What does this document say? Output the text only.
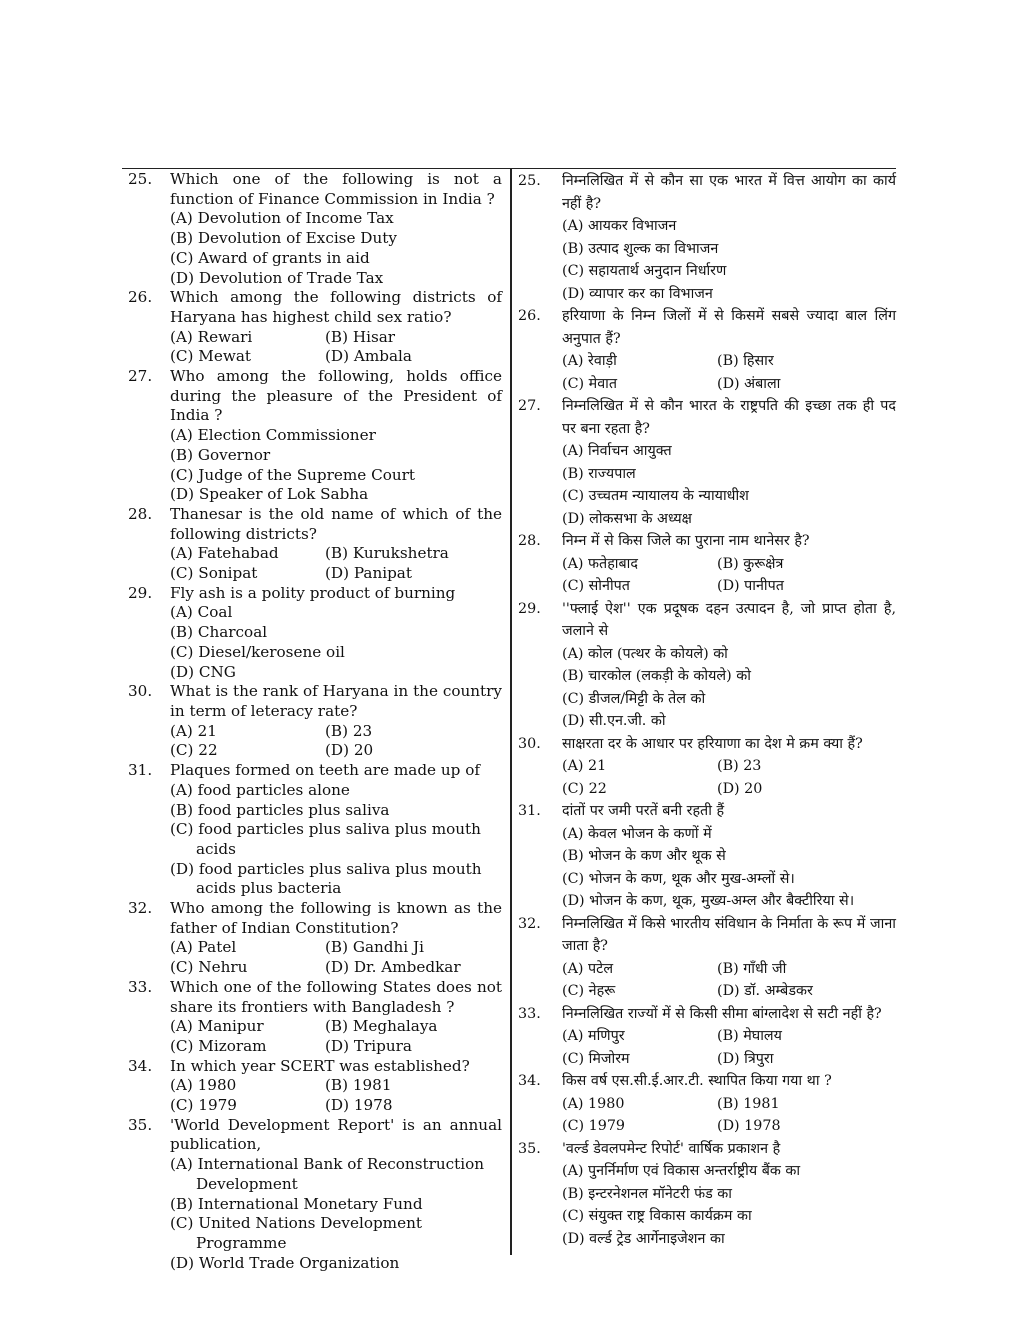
25.	Which one of the following is not a function of Finance Commission in India ?
(A) Devolution of Income Tax
(B) Devolution of Excise Duty
(C) Award of grants in aid
(D) Devolution of Trade Tax
26.	Which among the following districts of Haryana has highest child sex ratio?
(A) Rewari	(B) Hisar
(C) Mewat	(D) Ambala
27.	Who among the following, holds office during the pleasure of the President of India ?
(A) Election Commissioner
(B) Governor
(C) Judge of the Supreme Court
(D) Speaker of Lok Sabha
28.	Thanesar is the old name of which of the following districts?
(A) Fatehabad	(B) Kurukshetra
(C) Sonipat	(D) Panipat
29.	Fly ash is a polity product of burning
(A) Coal
(B) Charcoal
(C) Diesel/kerosene oil
(D) CNG
30.	What is the rank of Haryana in the country in term of leteracy rate?
(A) 21	(B) 23
(C) 22	(D) 20
31.	Plaques formed on teeth are made up of
(A) food particles alone
(B) food particles plus saliva
(C) food particles plus saliva plus mouth acids
(D) food particles plus saliva plus mouth acids plus bacteria
32.	Who among the following is known as the father of Indian Constitution?
(A) Patel	(B) Gandhi Ji
(C) Nehru	(D) Dr. Ambedkar
33.	Which one of the following States does not share its frontiers with Bangladesh ?
(A) Manipur	(B) Meghalaya
(C) Mizoram	(D) Tripura
34.	In which year SCERT was established?
(A) 1980	(B) 1981
(C) 1979	(D) 1978
35.	'World Development Report' is an annual publication,
(A) International Bank of Reconstruction Development
(B) International Monetary Fund
(C) United Nations Development Programme
(D) World Trade Organization
25.	निम्नलिखित में से कौन सा एक भारत में वित्त आयोग का कार्य नहीं है?
(A) आयकर विभाजन
(B) उत्पाद शुल्क का विभाजन
(C) सहायतार्थ अनुदान निर्धारण
(D) व्यापार कर का विभाजन
26.	हरियाणा के निम्न जिलों में से किसमें सबसे ज्यादा बाल लिंग अनुपात हैं?
(A) रेवाड़ी	(B) हिसार
(C) मेवात	(D) अंबाला
27.	निम्नलिखित में से कौन भारत के राष्ट्रपति की इच्छा तक ही पद पर बना रहता है?
(A) निर्वाचन आयुक्त
(B) राज्यपाल
(C) उच्चतम न्यायालय के न्यायाधीश
(D) लोकसभा के अध्यक्ष
28.	निम्न में से किस जिले का पुराना नाम थानेसर है?
(A) फतेहाबाद	(B) कुरूक्षेत्र
(C) सोनीपत	(D) पानीपत
29.	''फ्लाई ऐश'' एक प्रदूषक दहन उत्पादन है, जो प्राप्त होता है, जलाने से
(A) कोल (पत्थर के कोयले) को
(B) चारकोल (लकड़ी के कोयले) को
(C) डीजल/मिट्टी के तेल को
(D) सी.एन.जी. को
30.	साक्षरता दर के आधार पर हरियाणा का देश मे क्रम क्या हैं?
(A) 21	(B) 23
(C) 22	(D) 20
31.	दांतों पर जमी परतें बनी रहती हैं
(A) केवल भोजन के कणों में
(B) भोजन के कण और थूक से
(C) भोजन के कण, थूक और मुख-अम्लों से।
(D) भोजन के कण, थूक, मुख्य-अम्ल और बैक्टीरिया से।
32.	निम्नलिखित में किसे भारतीय संविधान के निर्माता के रूप में जाना जाता है?
(A) पटेल	(B) गाँधी जी
(C) नेहरू	(D) डॉ. अम्बेडकर
33.	निम्नलिखित राज्यों में से किसी सीमा बांग्लादेश से सटी नहीं है?
(A) मणिपुर	(B) मेघालय
(C) मिजोरम	(D) त्रिपुरा
34.	किस वर्ष एस.सी.ई.आर.टी. स्थापित किया गया था ?
(A) 1980	(B) 1981
(C) 1979	(D) 1978
35.	'वर्ल्ड डेवलपमेन्ट रिपोर्ट' वार्षिक प्रकाशन है
(A) पुनर्निर्माण एवं विकास अन्तर्राष्ट्रीय बैंक का
(B) इन्टरनेशनल मॉनेटरी फंड का
(C) संयुक्त राष्ट्र विकास कार्यक्रम का
(D) वर्ल्ड ट्रेड आर्गेनाइजेशन का
